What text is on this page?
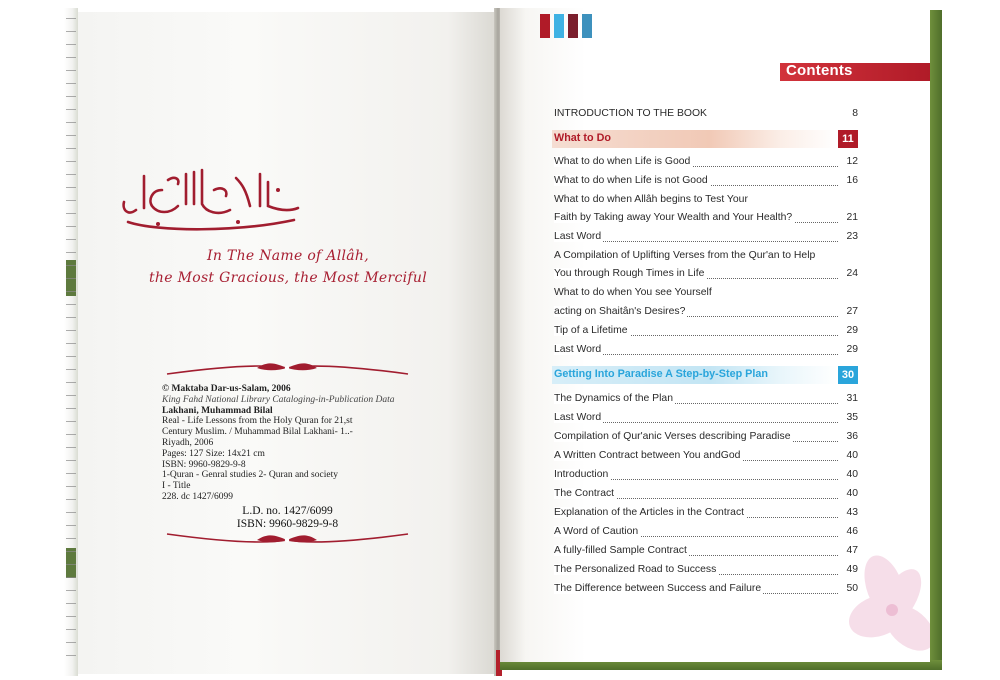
In The Name of Allâh,
the Most Gracious, the Most Merciful
© Maktaba Dar-us-Salam, 2006
King Fahd National Library Cataloging-in-Publication Data
Lakhani, Muhammad Bilal
Real - Life Lessons from the Holy Quran for 21,st
Century Muslim. / Muhammad Bilal Lakhani- 1..-
Riyadh, 2006
Pages: 127 Size: 14x21 cm
ISBN: 9960-9829-9-8
1-Quran - Genral studies 2- Quran and society
I - Title
228. dc 1427/6099
L.D. no. 1427/6099
ISBN: 9960-9829-9-8
Contents
INTRODUCTION TO THE BOOK	8
What to Do	11
What to do when Life is Good	12
What to do when Life is not Good	16
What to do when Allâh begins to Test Your
Faith by Taking away Your Wealth and Your Health?	21
Last Word	23
A Compilation of Uplifting Verses from the Qur'an to Help
You through Rough Times in Life	24
What to do when You see Yourself
acting on Shaitân's Desires?	27
Tip of a Lifetime	29
Last Word	29
Getting Into Paradise A Step-by-Step Plan	30
The Dynamics of the Plan	31
Last Word	35
Compilation of Qur'anic Verses describing Paradise	36
A Written Contract between You andGod	40
Introduction	40
The Contract	40
Explanation of the Articles in the Contract	43
A Word of Caution	46
A fully-filled Sample Contract	47
The Personalized Road to Success	49
The Difference between Success and Failure	50
